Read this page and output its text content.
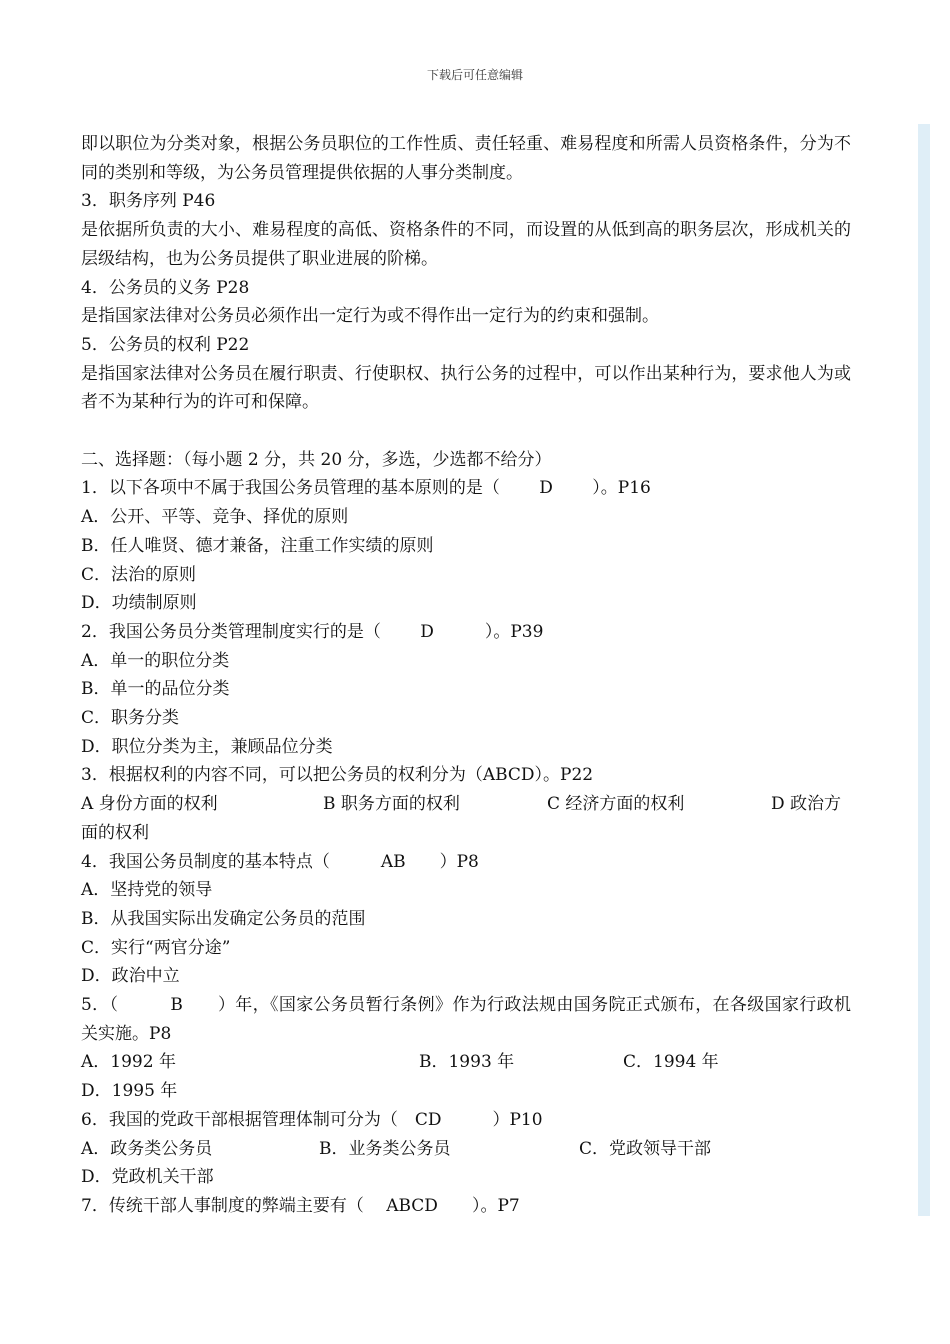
下载后可任意编辑
即以职位为分类对象，根据公务员职位的工作性质、责任轻重、难易程度和所需人员资格条件，分为不同的类别和等级，为公务员管理提供依据的人事分类制度。
3．职务序列 P46
是依据所负责的大小、难易程度的高低、资格条件的不同，而设置的从低到高的职务层次，形成机关的层级结构，也为公务员提供了职业进展的阶梯。
4．公务员的义务 P28
是指国家法律对公务员必须作出一定行为或不得作出一定行为的约束和强制。
5．公务员的权利 P22
是指国家法律对公务员在履行职责、行使职权、执行公务的过程中，可以作出某种行为，要求他人为或者不为某种行为的许可和保障。
二、选择题：（每小题 2 分，共 20 分，多选，少选都不给分）
1．以下各项中不属于我国公务员管理的基本原则的是（　　 D　　 ）。P16
A．公开、平等、竞争、择优的原则
B．任人唯贤、德才兼备，注重工作实绩的原则
C．法治的原则
D．功绩制原则
2．我国公务员分类管理制度实行的是（　　 D　　　）。P39
A．单一的职位分类
B．单一的品位分类
C．职务分类
D．职位分类为主，兼顾品位分类
3．根据权利的内容不同，可以把公务员的权利分为（ABCD）。P22
A 身份方面的权利	B 职务方面的权利	C 经济方面的权利	D 政治方
面的权利
4．我国公务员制度的基本特点（　　　AB　　）P8
A．坚持党的领导
B．从我国实际出发确定公务员的范围
C．实行“两官分途”
D．政治中立
5．（　　　B　　）年，《国家公务员暂行条例》作为行政法规由国务院正式颁布，在各级国家行政机关实施。P8
A．1992 年	B．1993 年	C．1994 年
D．1995 年
6．我国的党政干部根据管理体制可分为（　CD　　　）P10
A．政务类公务员	B．业务类公务员	C．党政领导干部
D．党政机关干部
7．传统干部人事制度的弊端主要有（　 ABCD　　）。P7
